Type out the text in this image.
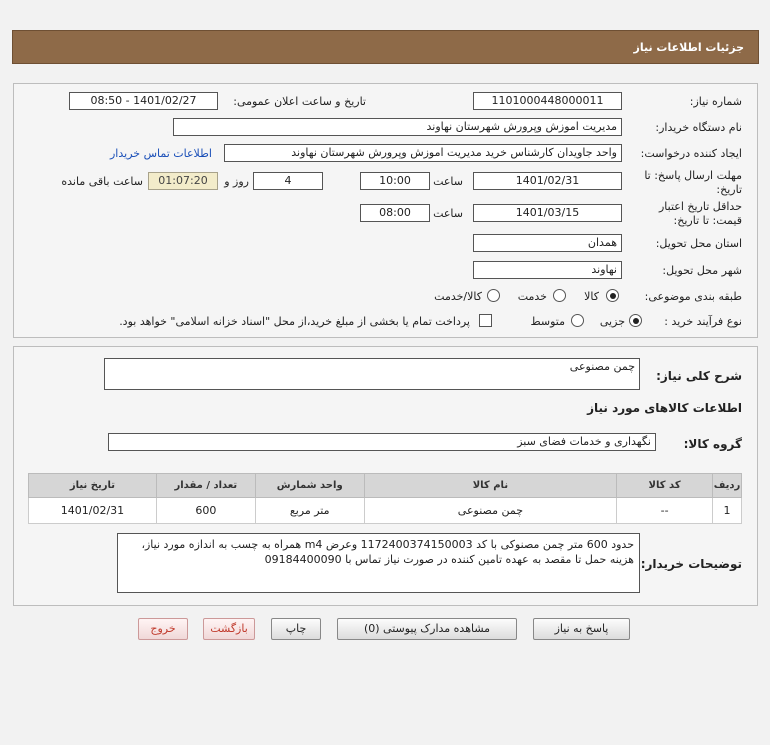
جزئیات اطلاعات نیاز
شماره نیاز:
1101000448000011
تاریخ و ساعت اعلان عمومی:
1401/02/27 - 08:50
نام دستگاه خریدار:
مدیریت اموزش وپرورش شهرستان نهاوند
ایجاد کننده درخواست:
واحد جاویدان کارشناس خرید مدیریت اموزش وپرورش شهرستان نهاوند
اطلاعات تماس خریدار
مهلت ارسال پاسخ: تا
تاریخ:
1401/02/31
ساعت
10:00
4
روز و
01:07:20
ساعت باقی مانده
حداقل تاریخ اعتبار
قیمت: تا تاریخ:
1401/03/15
ساعت
08:00
استان محل تحویل:
همدان
شهر محل تحویل:
نهاوند
طبقه بندی موضوعی:
کالا
خدمت
کالا/خدمت
نوع فرآیند خرید :
جزیی
متوسط
پرداخت تمام یا بخشی از مبلغ خرید،از محل "اسناد خزانه اسلامی" خواهد بود.
شرح کلی نیاز:
چمن مصنوعی
اطلاعات کالاهای مورد نیاز
گروه کالا:
نگهداری و خدمات فضای سبز
ردیف	کد کالا	نام کالا	واحد شمارش	تعداد / مقدار	تاریخ نیاز
1	--	چمن مصنوعی	متر مربع	600	1401/02/31
توضیحات خریدار:
حدود 600 متر چمن مصنوکی با کد 1172400374150003 وعرض m4 همراه به چسب به اندازه مورد نیاز، هزینه حمل تا مقصد به عهده تامین کننده در صورت نیاز تماس با 09184400090
پاسخ به نیاز
مشاهده مدارک پیوستی (0)
چاپ
بازگشت
خروج
